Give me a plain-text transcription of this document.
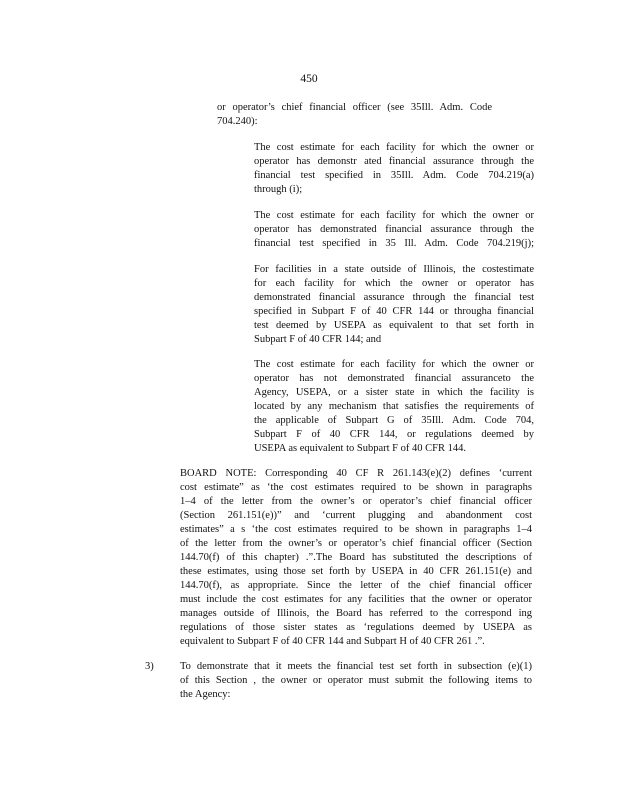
450
or operator’s chief financial officer (see 35Ill. Adm. Code
704.240):
The cost estimate for each facility for which the owner or
operator has demonstr ated financial assurance through the
financial test specified in 35Ill. Adm. Code 704.219(a)
through (i);
The cost estimate for each facility for which the owner or
operator has demonstrated financial assurance through the
financial test specified in 35 Ill. Adm. Code 704.219(j);
For facilities in a state outside of Illinois, the costestimate
for each facility for which the owner or operator has
demonstrated financial assurance through the financial test
specified in Subpart F of 40 CFR 144 or througha financial
test deemed by USEPA as equivalent to that set forth in
Subpart F of 40 CFR 144; and
The cost estimate for each facility for which the owner or
operator has not demonstrated financial assuranceto the
Agency, USEPA, or a sister state in which the facility is
located by any mechanism that satisfies the requirements of
the applicable of Subpart G of 35Ill. Adm. Code 704,
Subpart F of 40 CFR 144, or regulations deemed by
USEPA as equivalent to Subpart F of 40 CFR 144.
BOARD NOTE: Corresponding 40 CF R 261.143(e)(2) defines ‘current
cost estimate” as ‘the cost estimates required to be shown in paragraphs
1–4 of the letter from the owner’s or operator’s chief financial officer
(Section 261.151(e))” and ‘current plugging and abandonment cost
estimates” a s ‘the cost estimates required to be shown in paragraphs 1–4
of the letter from the owner’s or operator’s chief financial officer (Section
144.70(f) of this chapter) .”.The Board has substituted the descriptions of
these estimates, using those set forth by USEPA in 40 CFR 261.151(e) and
144.70(f), as appropriate. Since the letter of the chief financial officer
must include the cost estimates for any facilities that the owner or operator
manages outside of Illinois, the Board has referred to the correspond ing
regulations of those sister states as ‘regulations deemed by USEPA as
equivalent to Subpart F of 40 CFR 144 and Subpart H of 40 CFR 261 .”.
3)	To demonstrate that it meets the financial test set forth in subsection (e)(1)
of this Section , the owner or operator must submit the following items to
the Agency:
